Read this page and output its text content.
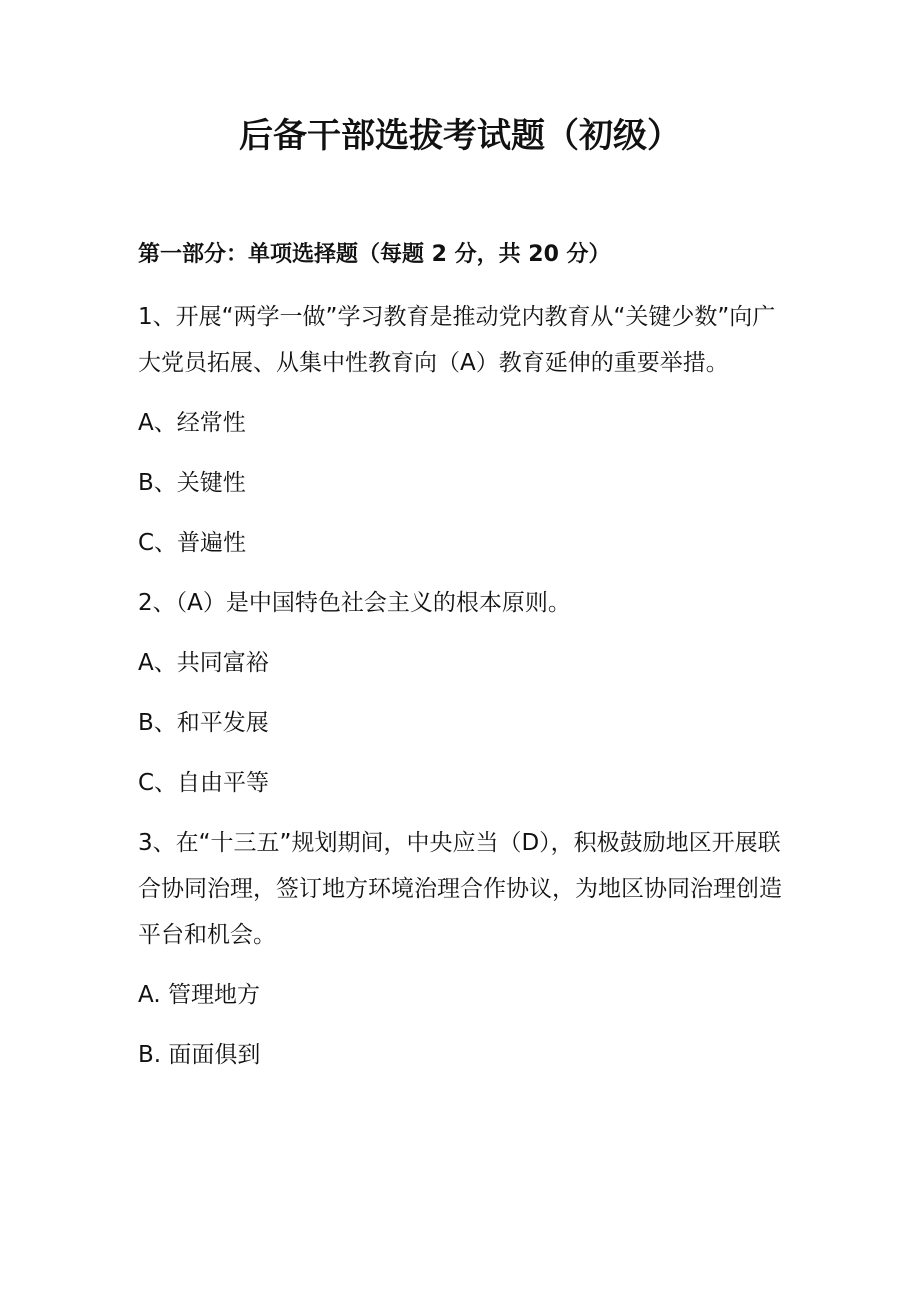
后备干部选拔考试题（初级）
第一部分：单项选择题（每题 2 分，共 20 分）

1、开展“两学一做”学习教育是推动党内教育从“关键少数”向广大党员拓展、从集中性教育向（A）教育延伸的重要举措。

A、经常性

B、关键性

C、普遍性

2、（A）是中国特色社会主义的根本原则。

A、共同富裕

B、和平发展

C、自由平等

3、在“十三五”规划期间，中央应当（D），积极鼓励地区开展联合协同治理，签订地方环境治理合作协议，为地区协同治理创造平台和机会。

A. 管理地方

B. 面面俱到
